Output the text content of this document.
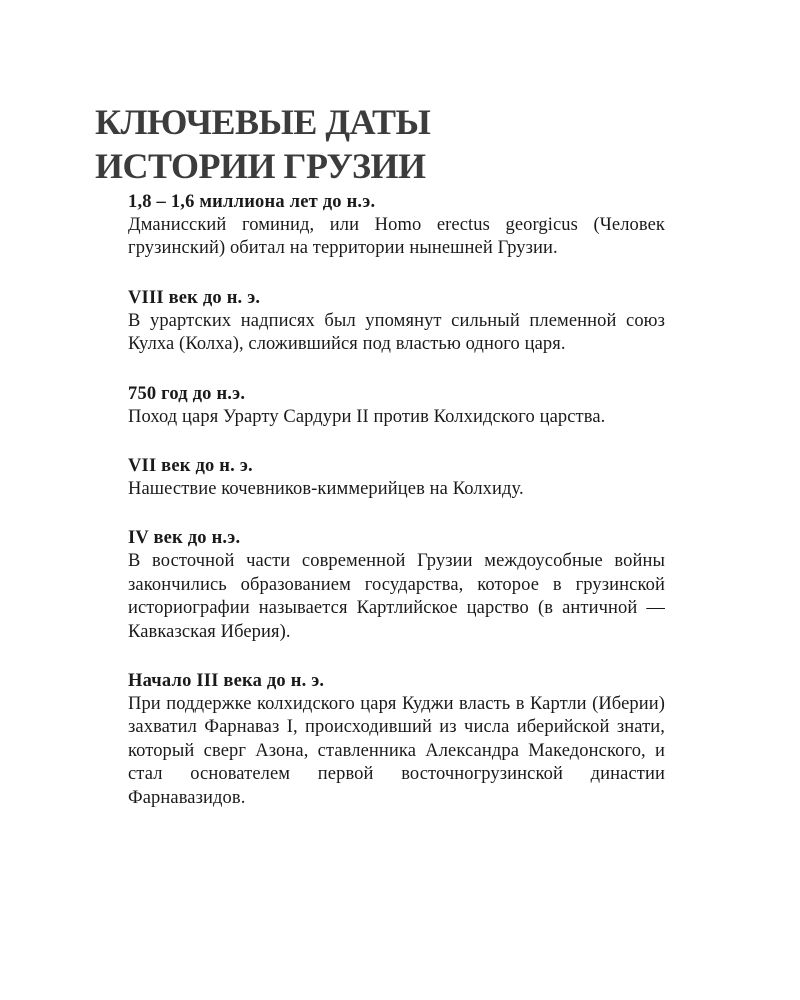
КЛЮЧЕВЫЕ ДАТЫ
ИСТОРИИ ГРУЗИИ

1,8 – 1,6 миллиона лет до н.э.

Дманисский гоминид, или Homo erectus georgicus (Человек грузинский) обитал на территории нынешней Грузии.

VIII век до н. э.

В урартских надписях был упомянут сильный племенной союз Кулха (Колха), сложившийся под властью одного царя.

750 год до н.э.

Поход царя Урарту Сардури II против Колхидского царства.

VII век до н. э.

Нашествие кочевников-киммерийцев на Колхиду.

IV век до н.э.

В восточной части современной Грузии междоусобные войны закончились образованием государства, которое в грузинской историографии называется Картлийское царство (в античной — Кавказская Иберия).

Начало III века до н. э.

При поддержке колхидского царя Куджи власть в Картли (Иберии) захватил Фарнаваз I, происходивший из числа иберийской знати, который сверг Азона, ставленника Александра Македонского, и стал основателем первой восточногрузинской династии Фарнавазидов.
